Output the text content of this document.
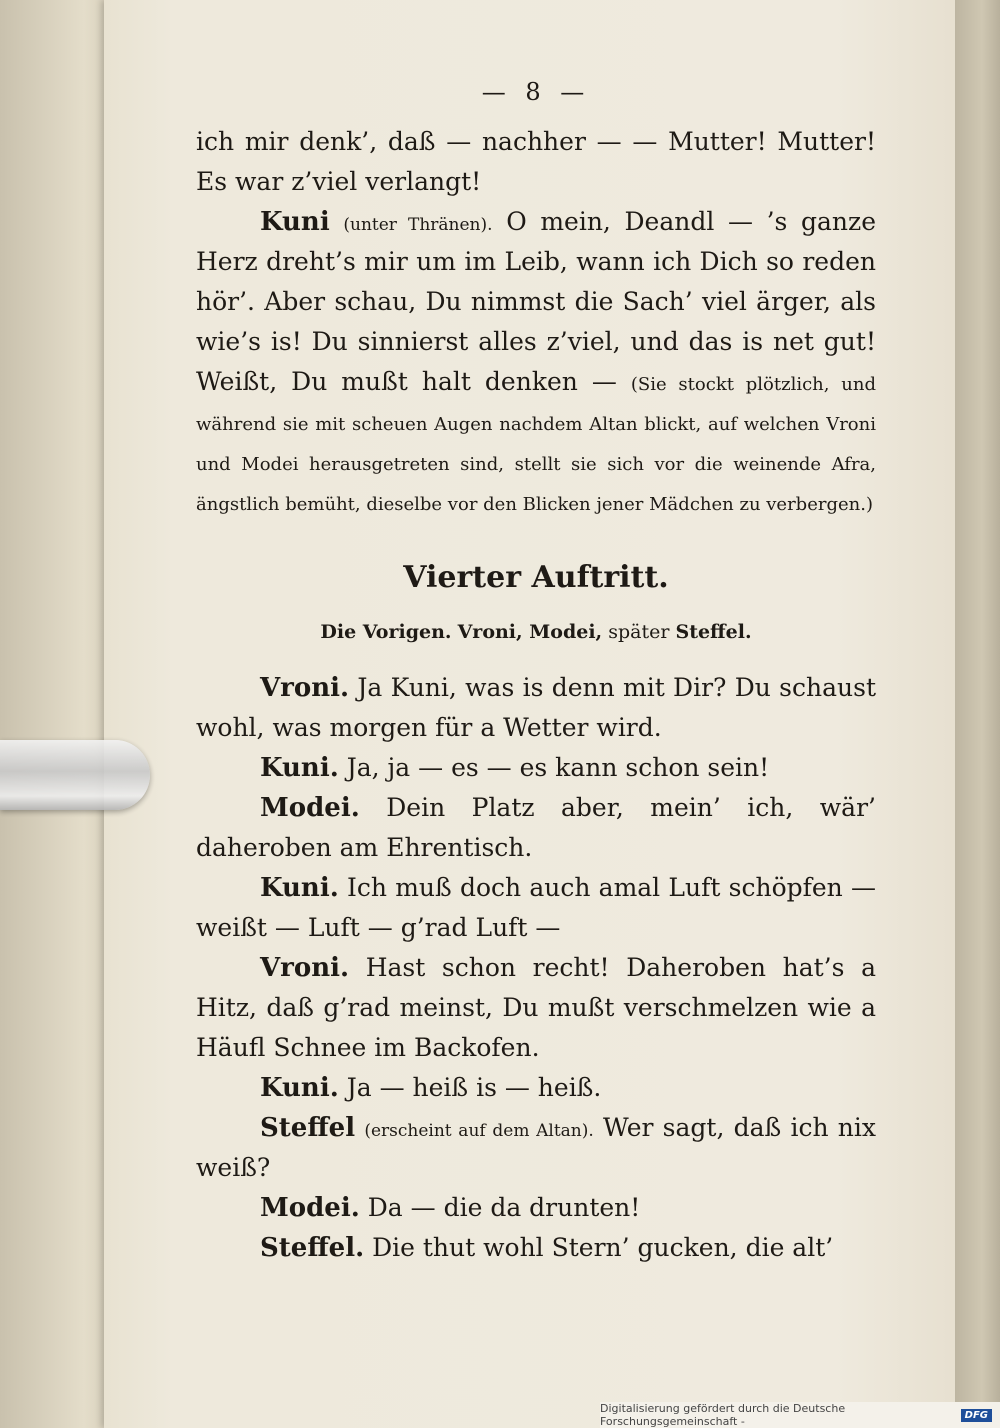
— 8 —

ich mir denk’, daß — nachher — — Mutter! Mutter! Es war z’viel verlangt!

Kuni (unter Thränen). O mein, Deandl — ’s ganze Herz dreht’s mir um im Leib, wann ich Dich so reden hör’. Aber schau, Du nimmst die Sach’ viel ärger, als wie’s is! Du sinnierst alles z’viel, und das is net gut! Weißt, Du mußt halt denken — (Sie stockt plötzlich, und während sie mit scheuen Augen nachdem Altan blickt, auf welchen Vroni und Modei herausgetreten sind, stellt sie sich vor die weinende Afra, ängstlich bemüht, dieselbe vor den Blicken jener Mädchen zu verbergen.)

Vierter Auftritt.
Die Vorigen. Vroni, Modei, später Steffel.

Vroni. Ja Kuni, was is denn mit Dir? Du schaust wohl, was morgen für a Wetter wird.

Kuni. Ja, ja — es — es kann schon sein!

Modei. Dein Platz aber, mein’ ich, wär’ daheroben am Ehrentisch.

Kuni. Ich muß doch auch amal Luft schöpfen — weißt — Luft — g’rad Luft —

Vroni. Hast schon recht! Daheroben hat’s a Hitz, daß g’rad meinst, Du mußt verschmelzen wie a Häufl Schnee im Backofen.

Kuni. Ja — heiß is — heiß.

Steffel (erscheint auf dem Altan). Wer sagt, daß ich nix weiß?

Modei. Da — die da drunten!

Steffel. Die thut wohl Stern’ gucken, die alt’

Digitalisierung gefördert durch die Deutsche Forschungsgemeinschaft -	DFG
